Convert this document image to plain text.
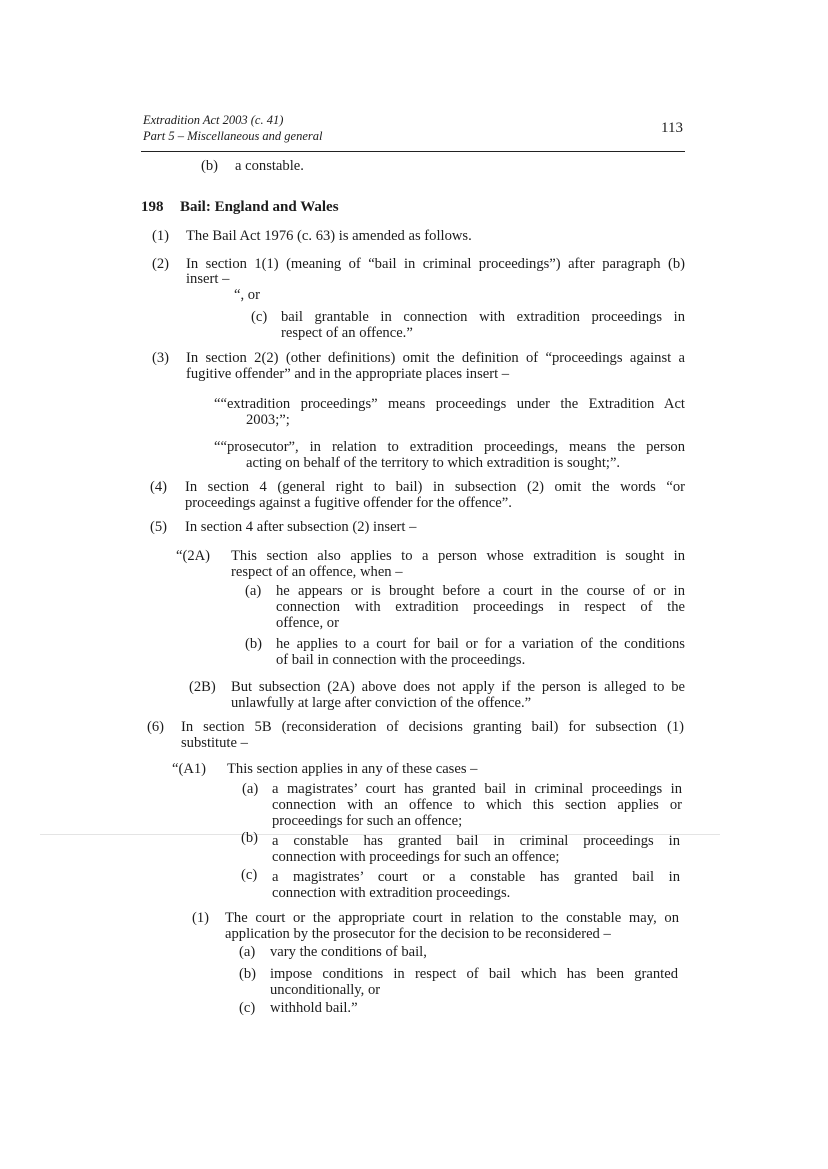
Extradition Act 2003 (c. 41)
Part 5 – Miscellaneous and general	113
(b) a constable.
198 Bail: England and Wales
(1) The Bail Act 1976 (c. 63) is amended as follows.
(2) In section 1(1) (meaning of “bail in criminal proceedings”) after paragraph (b)
insert –
“, or
(c) bail grantable in connection with extradition proceedings in
respect of an offence.”
(3) In section 2(2) (other definitions) omit the definition of “proceedings against a
fugitive offender” and in the appropriate places insert –
““extradition proceedings” means proceedings under the Extradition Act
2003;”;
““prosecutor”, in relation to extradition proceedings, means the person
acting on behalf of the territory to which extradition is sought;”.
(4) In section 4 (general right to bail) in subsection (2) omit the words “or
proceedings against a fugitive offender for the offence”.
(5) In section 4 after subsection (2) insert –
“(2A) This section also applies to a person whose extradition is sought in
respect of an offence, when –
(a) he appears or is brought before a court in the course of or in
connection with extradition proceedings in respect of the
offence, or
(b) he applies to a court for bail or for a variation of the conditions
of bail in connection with the proceedings.
(2B) But subsection (2A) above does not apply if the person is alleged to be
unlawfully at large after conviction of the offence.”
(6) In section 5B (reconsideration of decisions granting bail) for subsection (1)
substitute –
“(A1) This section applies in any of these cases –
(a) a magistrates’ court has granted bail in criminal proceedings in
connection with an offence to which this section applies or
proceedings for such an offence;
(b) a constable has granted bail in criminal proceedings in
connection with proceedings for such an offence;
(c) a magistrates’ court or a constable has granted bail in
connection with extradition proceedings.
(1) The court or the appropriate court in relation to the constable may, on
application by the prosecutor for the decision to be reconsidered –
(a) vary the conditions of bail,
(b) impose conditions in respect of bail which has been granted
unconditionally, or
(c) withhold bail.”
